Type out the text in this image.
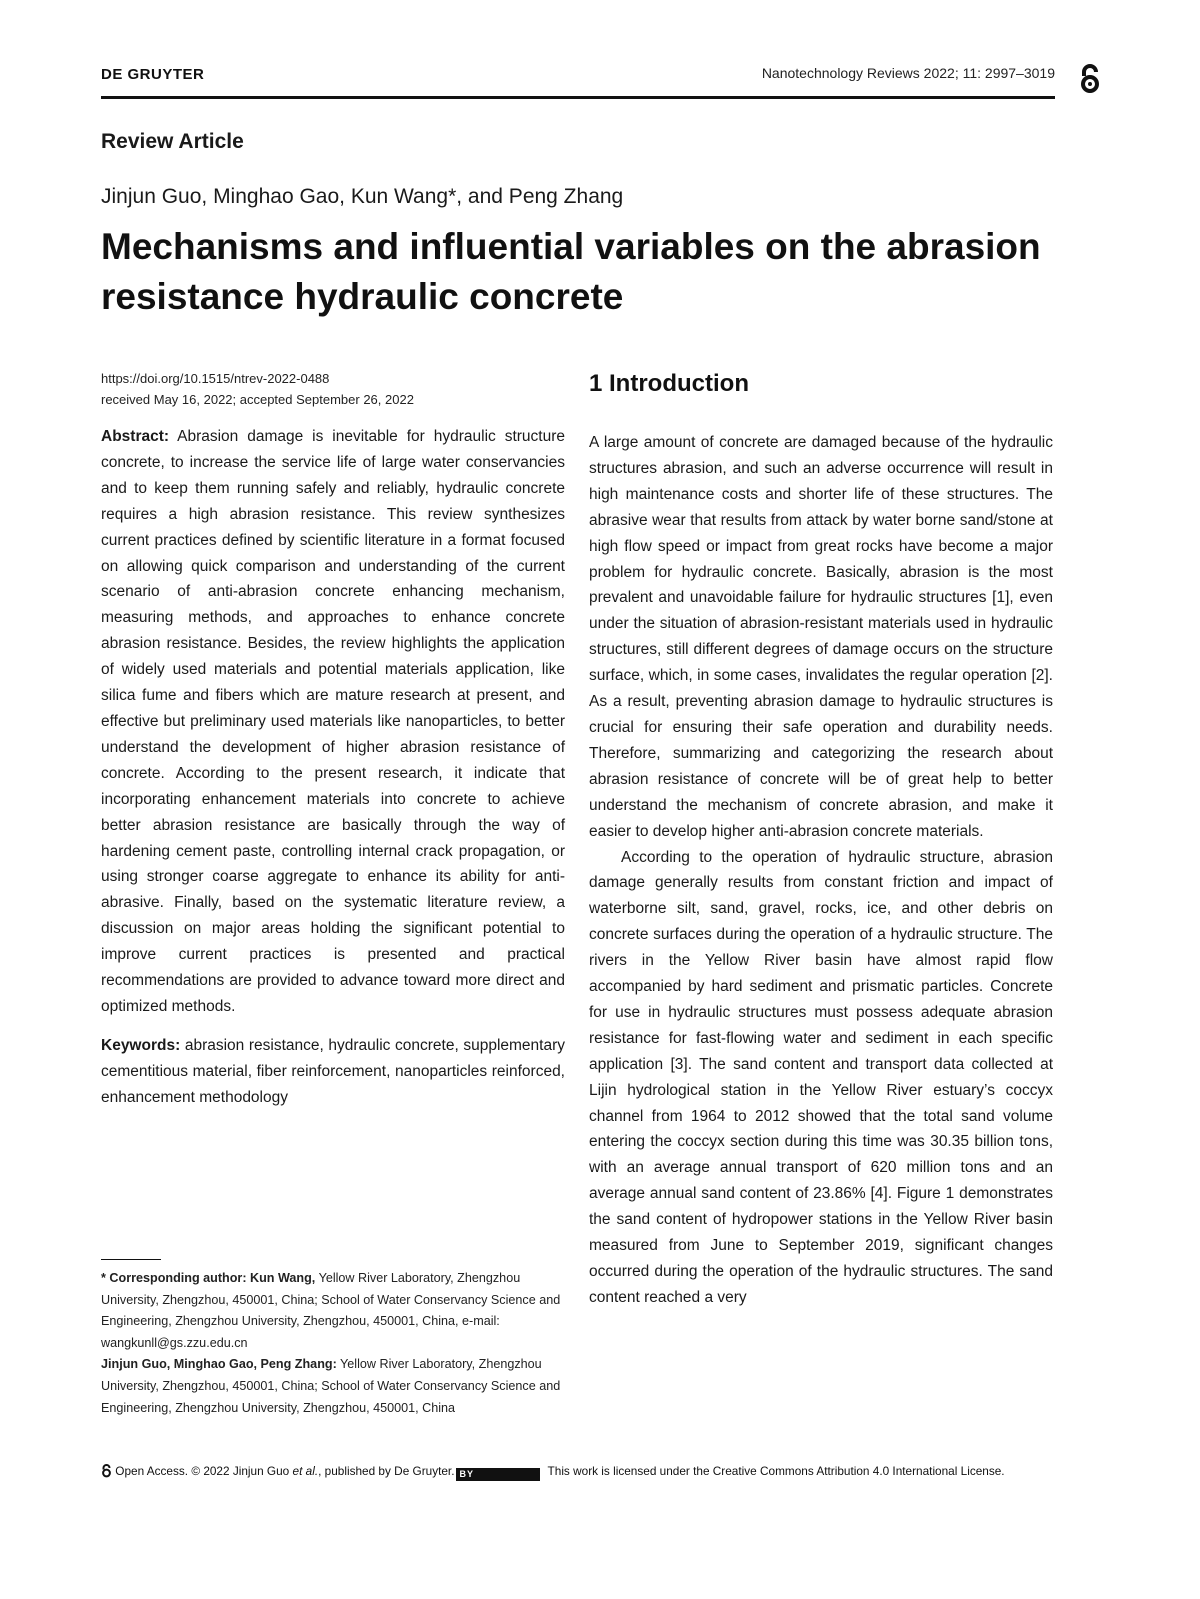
DE GRUYTER	Nanotechnology Reviews 2022; 11: 2997–3019
Review Article
Jinjun Guo, Minghao Gao, Kun Wang*, and Peng Zhang
Mechanisms and influential variables on the abrasion resistance hydraulic concrete
https://doi.org/10.1515/ntrev-2022-0488
received May 16, 2022; accepted September 26, 2022

Abstract: Abrasion damage is inevitable for hydraulic structure concrete, to increase the service life of large water conservancies and to keep them running safely and reliably, hydraulic concrete requires a high abrasion resistance. This review synthesizes current practices defined by scientific literature in a format focused on allowing quick comparison and understanding of the current scenario of anti-abrasion concrete enhancing mechanism, measuring methods, and approaches to enhance concrete abrasion resistance. Besides, the review highlights the application of widely used materials and potential materials application, like silica fume and fibers which are mature research at present, and effective but preliminary used materials like nanoparticles, to better understand the development of higher abrasion resistance of concrete. According to the present research, it indicate that incorporating enhancement materials into concrete to achieve better abrasion resistance are basically through the way of hardening cement paste, controlling internal crack propagation, or using stronger coarse aggregate to enhance its ability for anti-abrasive. Finally, based on the systematic literature review, a discussion on major areas holding the significant potential to improve current practices is presented and practical recommendations are provided to advance toward more direct and optimized methods.

Keywords: abrasion resistance, hydraulic concrete, supplementary cementitious material, fiber reinforcement, nanoparticles reinforced, enhancement methodology

1 Introduction

A large amount of concrete are damaged because of the hydraulic structures abrasion, and such an adverse occurrence will result in high maintenance costs and shorter life of these structures. The abrasive wear that results from attack by water borne sand/stone at high flow speed or impact from great rocks have become a major problem for hydraulic concrete. Basically, abrasion is the most prevalent and unavoidable failure for hydraulic structures [1], even under the situation of abrasion-resistant materials used in hydraulic structures, still different degrees of damage occurs on the structure surface, which, in some cases, invalidates the regular operation [2]. As a result, preventing abrasion damage to hydraulic structures is crucial for ensuring their safe operation and durability needs. Therefore, summarizing and categorizing the research about abrasion resistance of concrete will be of great help to better understand the mechanism of concrete abrasion, and make it easier to develop higher anti-abrasion concrete materials.

According to the operation of hydraulic structure, abrasion damage generally results from constant friction and impact of waterborne silt, sand, gravel, rocks, ice, and other debris on concrete surfaces during the operation of a hydraulic structure. The rivers in the Yellow River basin have almost rapid flow accompanied by hard sediment and prismatic particles. Concrete for use in hydraulic structures must possess adequate abrasion resistance for fast-flowing water and sediment in each specific application [3]. The sand content and transport data collected at Lijin hydrological station in the Yellow River estuary’s coccyx channel from 1964 to 2012 showed that the total sand volume entering the coccyx section during this time was 30.35 billion tons, with an average annual transport of 620 million tons and an average annual sand content of 23.86% [4]. Figure 1 demonstrates the sand content of hydropower stations in the Yellow River basin measured from June to September 2019, significant changes occurred during the operation of the hydraulic structures. The sand content reached a very

* Corresponding author: Kun Wang, Yellow River Laboratory, Zhengzhou University, Zhengzhou, 450001, China; School of Water Conservancy Science and Engineering, Zhengzhou University, Zhengzhou, 450001, China, e-mail: wangkunll@gs.zzu.edu.cn

Jinjun Guo, Minghao Gao, Peng Zhang: Yellow River Laboratory, Zhengzhou University, Zhengzhou, 450001, China; School of Water Conservancy Science and Engineering, Zhengzhou University, Zhengzhou, 450001, China

Open Access. © 2022 Jinjun Guo et al., published by De Gruyter. BY	This work is licensed under the Creative Commons Attribution 4.0 International License.
